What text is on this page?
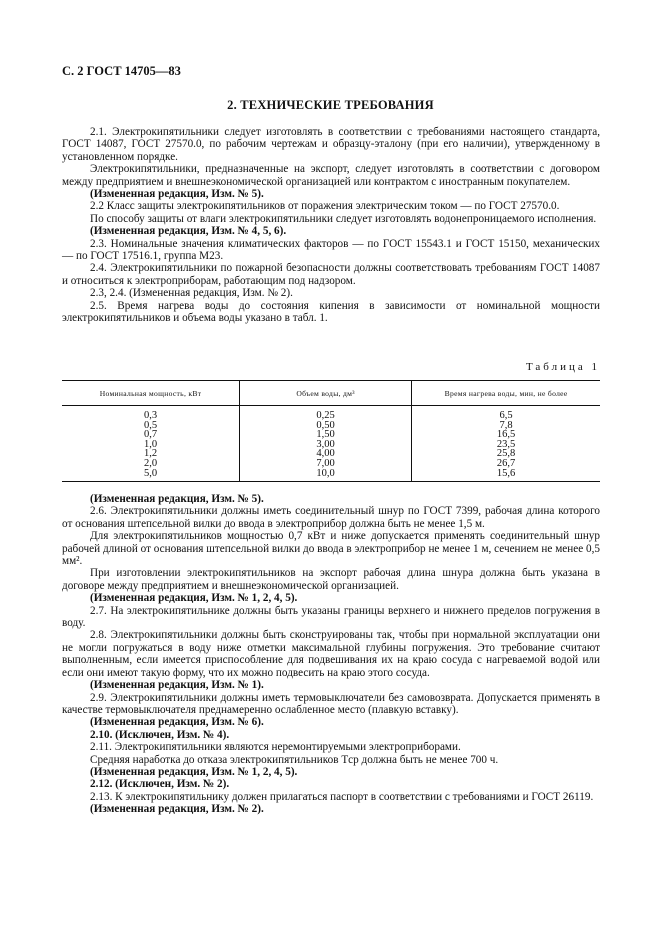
С. 2 ГОСТ 14705—83
2. ТЕХНИЧЕСКИЕ ТРЕБОВАНИЯ

2.1. Электрокипятильники следует изготовлять в соответствии с требованиями настоящего стандарта, ГОСТ 14087, ГОСТ 27570.0, по рабочим чертежам и образцу-эталону (при его наличии), утвержденному в установленном порядке.

Электрокипятильники, предназначенные на экспорт, следует изготовлять в соответствии с договором между предприятием и внешнеэкономической организацией или контрактом с иностранным покупателем.

(Измененная редакция, Изм. № 5).

2.2 Класс защиты электрокипятильников от поражения электрическим током — по ГОСТ 27570.0.

По способу защиты от влаги электрокипятильники следует изготовлять водонепроницаемого исполнения.

(Измененная редакция, Изм. № 4, 5, 6).

2.3. Номинальные значения климатических факторов — по ГОСТ 15543.1 и ГОСТ 15150, механических — по ГОСТ 17516.1, группа М23.

2.4. Электрокипятильники по пожарной безопасности должны соответствовать требованиям ГОСТ 14087 и относиться к электроприборам, работающим под надзором.

2.3, 2.4. (Измененная редакция, Изм. № 2).

2.5. Время нагрева воды до состояния кипения в зависимости от номинальной мощности электрокипятильников и объема воды указано в табл. 1.

Таблица 1
Номинальная мощность, кВт	Объем воды, дм³	Время нагрева воды, мин, не более
0,3	0,25	6,5
0,5	0,50	7,8
0,7	1,50	16,5
1,0	3,00	23,5
1,2	4,00	25,8
2,0	7,00	26,7
5,0	10,0	15,6

(Измененная редакция, Изм. № 5).

2.6. Электрокипятильники должны иметь соединительный шнур по ГОСТ 7399, рабочая длина которого от основания штепсельной вилки до ввода в электроприбор должна быть не менее 1,5 м.

Для электрокипятильников мощностью 0,7 кВт и ниже допускается применять соединительный шнур рабочей длиной от основания штепсельной вилки до ввода в электроприбор не менее 1 м, сечением не менее 0,5 мм².

При изготовлении электрокипятильников на экспорт рабочая длина шнура должна быть указана в договоре между предприятием и внешнеэкономической организацией.

(Измененная редакция, Изм. № 1, 2, 4, 5).

2.7. На электрокипятильнике должны быть указаны границы верхнего и нижнего пределов погружения в воду.

2.8. Электрокипятильники должны быть сконструированы так, чтобы при нормальной эксплуатации они не могли погружаться в воду ниже отметки максимальной глубины погружения. Это требование считают выполненным, если имеется приспособление для подвешивания их на краю сосуда с нагреваемой водой или если они имеют такую форму, что их можно подвесить на краю этого сосуда.

(Измененная редакция, Изм. № 1).

2.9. Электрокипятильники должны иметь термовыключатели без самовозврата. Допускается применять в качестве термовыключателя преднамеренно ослабленное место (плавкую вставку).

(Измененная редакция, Изм. № 6).

2.10. (Исключен, Изм. № 4).

2.11. Электрокипятильники являются неремонтируемыми электроприборами.

Средняя наработка до отказа электрокипятильников Tср должна быть не менее 700 ч.

(Измененная редакция, Изм. № 1, 2, 4, 5).

2.12. (Исключен, Изм. № 2).

2.13. К электрокипятильнику должен прилагаться паспорт в соответствии с требованиями и ГОСТ 26119.

(Измененная редакция, Изм. № 2).
